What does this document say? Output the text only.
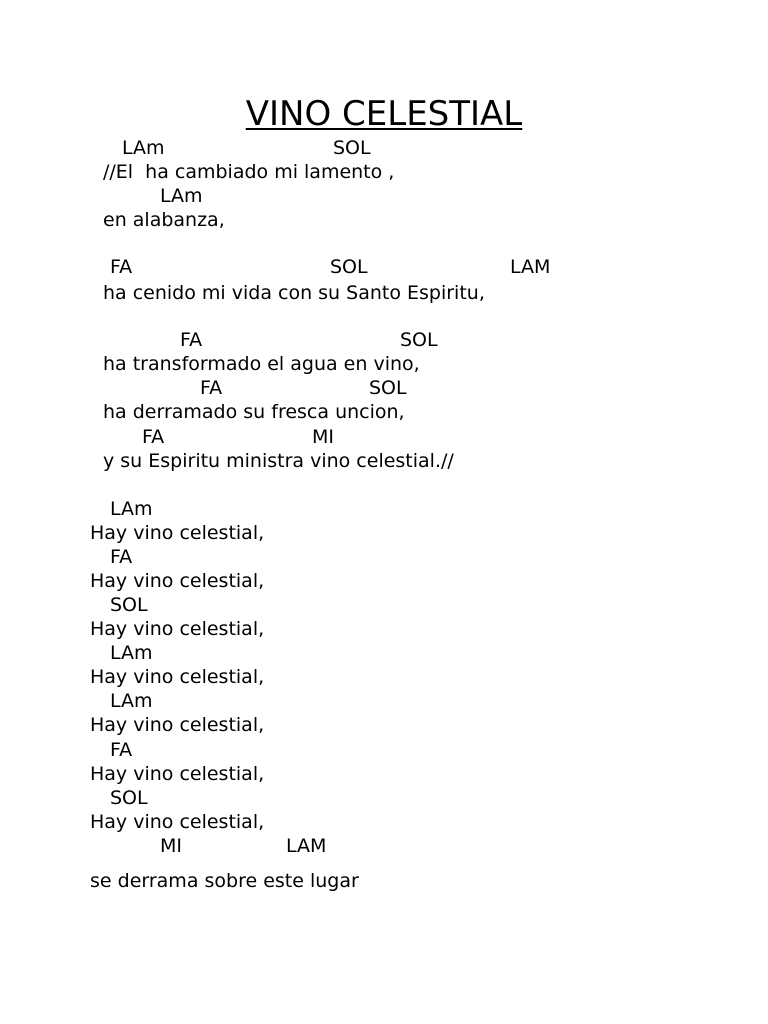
VINO CELESTIAL
LAm	SOL
//El  ha cambiado mi lamento ,
LAm
en alabanza,
FA	SOL	LAM
ha cenido mi vida con su Santo Espiritu,
FA	SOL
ha transformado el agua en vino,
FA	SOL
ha derramado su fresca uncion,
FA	MI
y su Espiritu ministra vino celestial.//
LAm
Hay vino celestial,
FA
Hay vino celestial,
SOL
Hay vino celestial,
LAm
Hay vino celestial,
LAm
Hay vino celestial,
FA
Hay vino celestial,
SOL
Hay vino celestial,
MI	LAM
se derrama sobre este lugar
